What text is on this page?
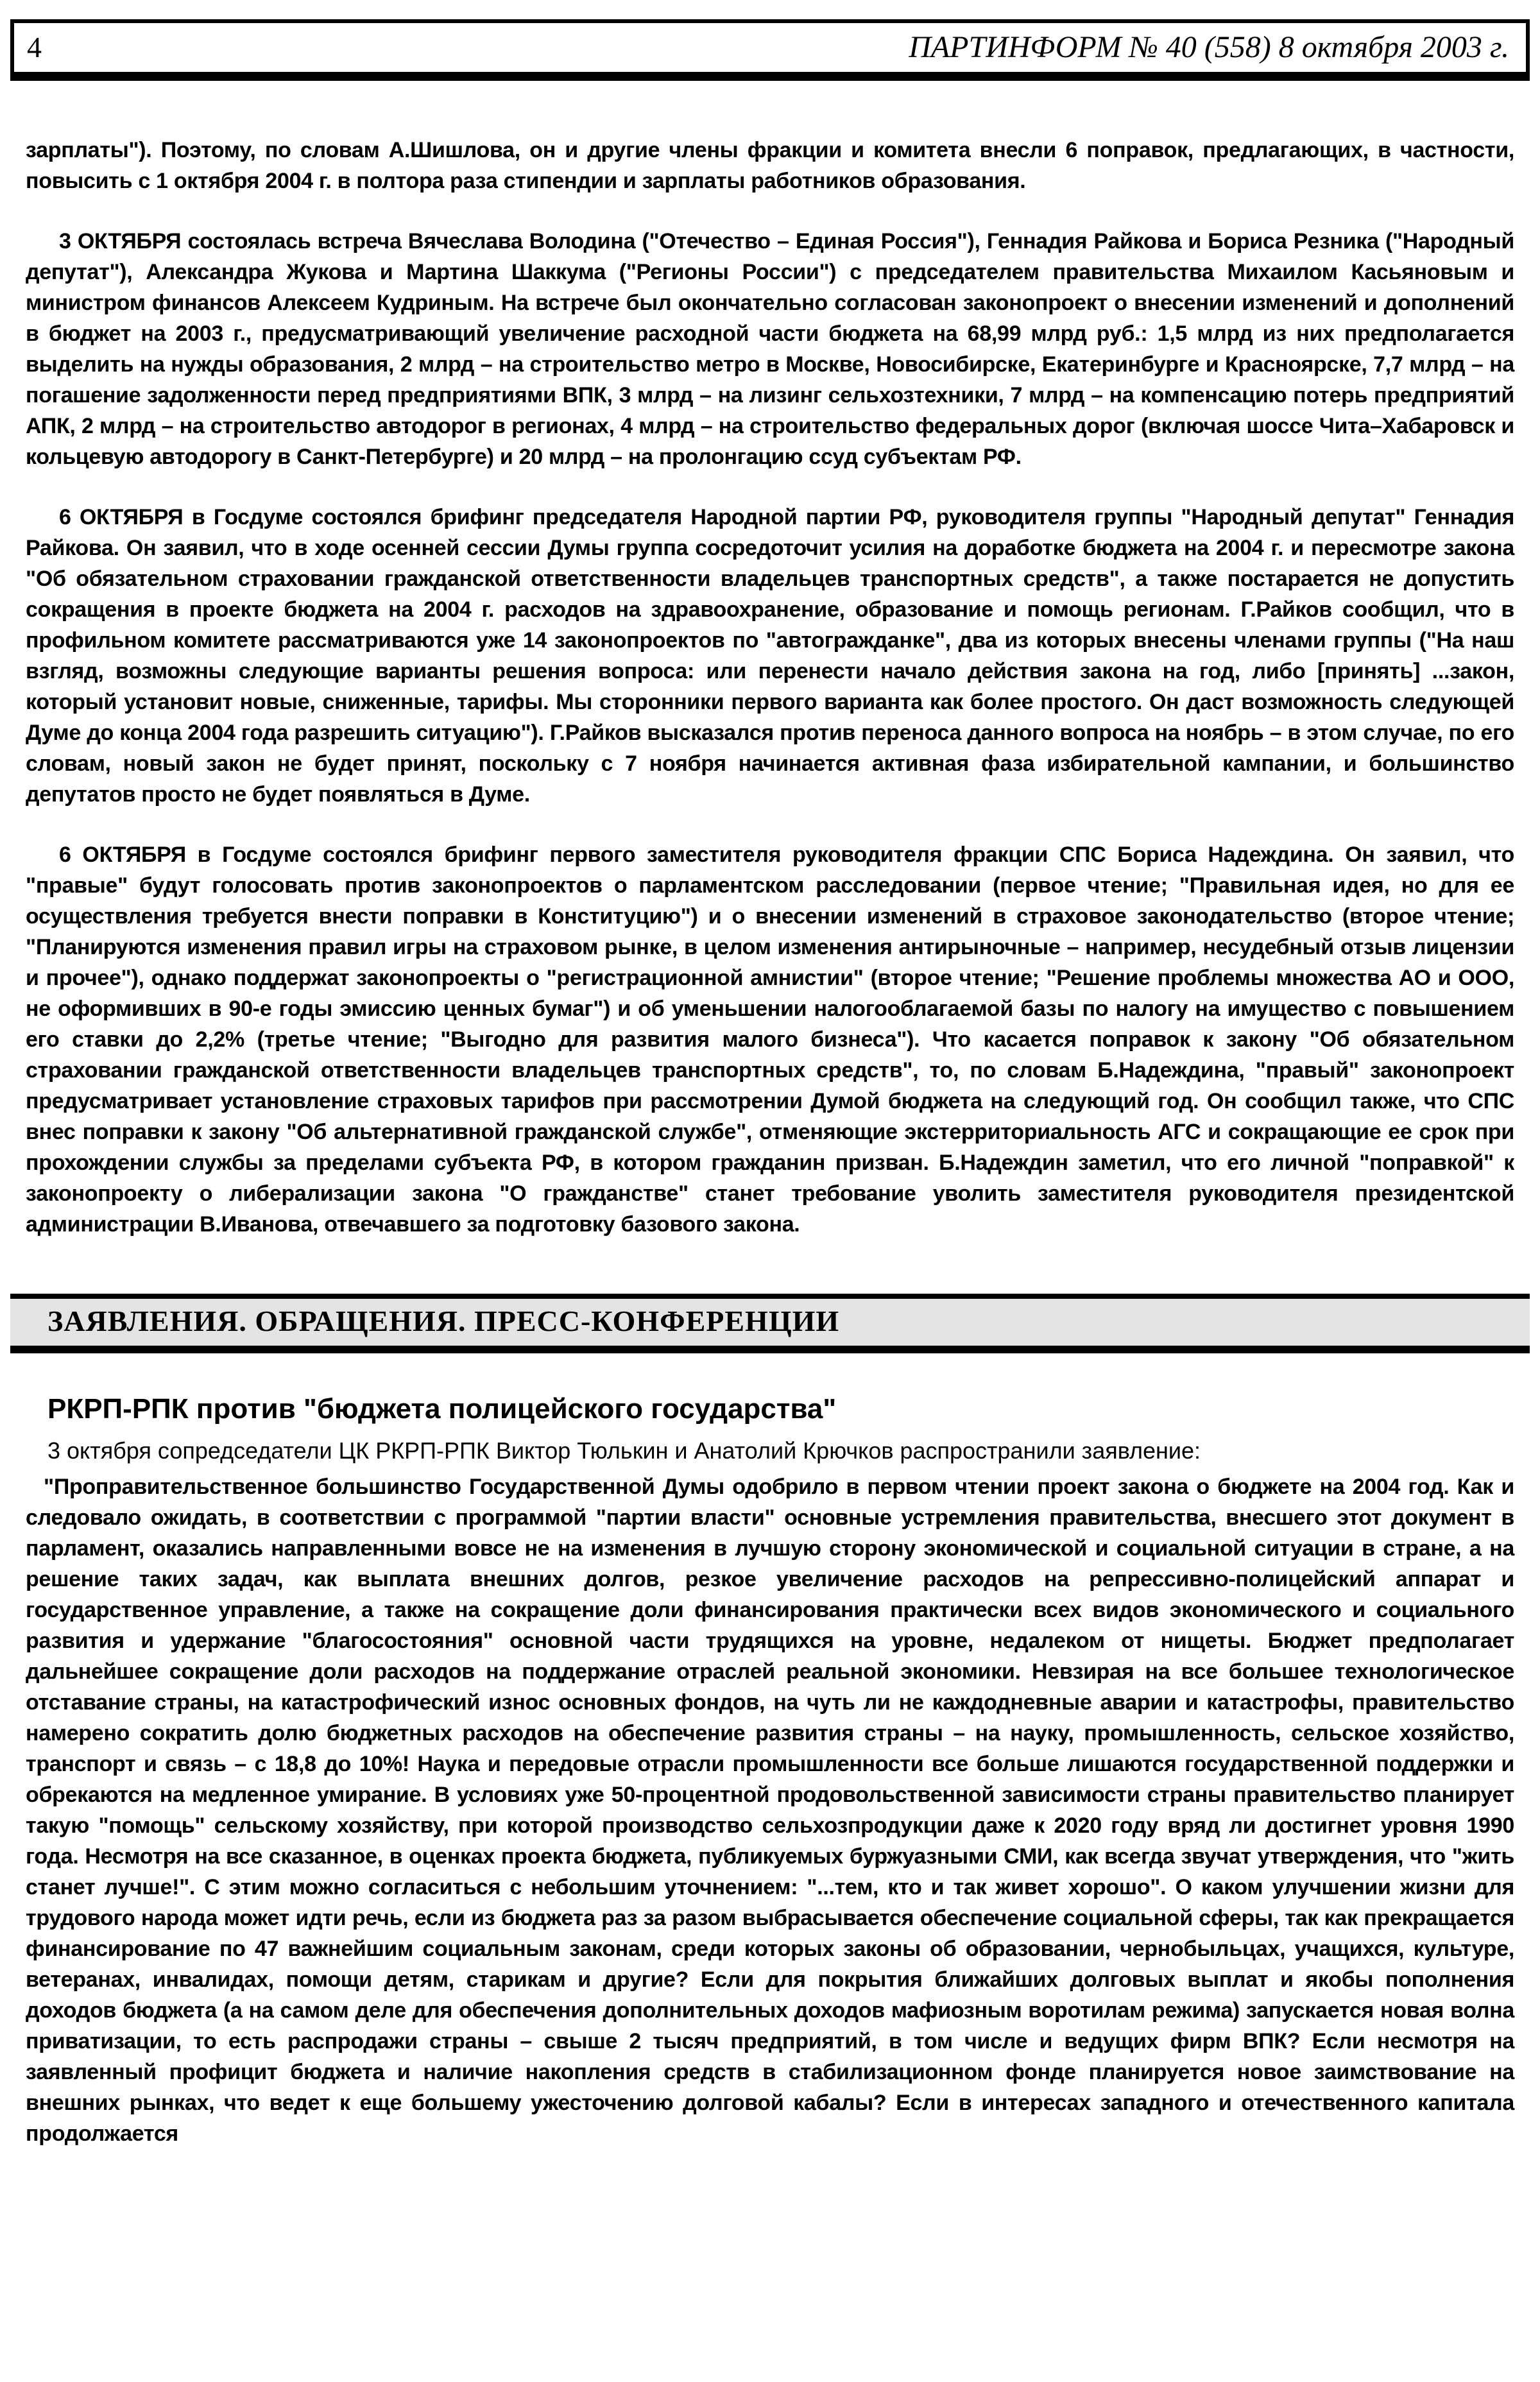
4	ПАРТИНФОРМ № 40 (558) 8 октября 2003 г.

зарплаты"). Поэтому, по словам А.Шишлова, он и другие члены фракции и комитета внесли 6 поправок, предлагающих, в частности, повысить с 1 октября 2004 г. в полтора раза стипендии и зарплаты работников образования.

3 ОКТЯБРЯ состоялась встреча Вячеслава Володина ("Отечество – Единая Россия"), Геннадия Райкова и Бориса Резника ("Народный депутат"), Александра Жукова и Мартина Шаккума ("Регионы России") с председателем правительства Михаилом Касьяновым и министром финансов Алексеем Кудриным. На встрече был окончательно согласован законопроект о внесении изменений и дополнений в бюджет на 2003 г., предусматривающий увеличение расходной части бюджета на 68,99 млрд руб.: 1,5 млрд из них предполагается выделить на нужды образования, 2 млрд – на строительство метро в Москве, Новосибирске, Екатеринбурге и Красноярске, 7,7 млрд – на погашение задолженности перед предприятиями ВПК, 3 млрд – на лизинг сельхозтехники, 7 млрд – на компенсацию потерь предприятий АПК, 2 млрд – на строительство автодорог в регионах, 4 млрд – на строительство федеральных дорог (включая шоссе Чита–Хабаровск и кольцевую автодорогу в Санкт-Петербурге) и 20 млрд – на пролонгацию ссуд субъектам РФ.

6 ОКТЯБРЯ в Госдуме состоялся брифинг председателя Народной партии РФ, руководителя группы "Народный депутат" Геннадия Райкова. Он заявил, что в ходе осенней сессии Думы группа сосредоточит усилия на доработке бюджета на 2004 г. и пересмотре закона "Об обязательном страховании гражданской ответственности владельцев транспортных средств", а также постарается не допустить сокращения в проекте бюджета на 2004 г. расходов на здравоохранение, образование и помощь регионам. Г.Райков сообщил, что в профильном комитете рассматриваются уже 14 законопроектов по "автогражданке", два из которых внесены членами группы ("На наш взгляд, возможны следующие варианты решения вопроса: или перенести начало действия закона на год, либо [принять] ...закон, который установит новые, сниженные, тарифы. Мы сторонники первого варианта как более простого. Он даст возможность следующей Думе до конца 2004 года разрешить ситуацию"). Г.Райков высказался против переноса данного вопроса на ноябрь – в этом случае, по его словам, новый закон не будет принят, поскольку с 7 ноября начинается активная фаза избирательной кампании, и большинство депутатов просто не будет появляться в Думе.

6 ОКТЯБРЯ в Госдуме состоялся брифинг первого заместителя руководителя фракции СПС Бориса Надеждина. Он заявил, что "правые" будут голосовать против законопроектов о парламентском расследовании (первое чтение; "Правильная идея, но для ее осуществления требуется внести поправки в Конституцию") и о внесении изменений в страховое законодательство (второе чтение; "Планируются изменения правил игры на страховом рынке, в целом изменения антирыночные – например, несудебный отзыв лицензии и прочее"), однако поддержат законопроекты о "регистрационной амнистии" (второе чтение; "Решение проблемы множества АО и ООО, не оформивших в 90-е годы эмиссию ценных бумаг") и об уменьшении налогооблагаемой базы по налогу на имущество с повышением его ставки до 2,2% (третье чтение; "Выгодно для развития малого бизнеса"). Что касается поправок к закону "Об обязательном страховании гражданской ответственности владельцев транспортных средств", то, по словам Б.Надеждина, "правый" законопроект предусматривает установление страховых тарифов при рассмотрении Думой бюджета на следующий год. Он сообщил также, что СПС внес поправки к закону "Об альтернативной гражданской службе", отменяющие экстерриториальность АГС и сокращающие ее срок при прохождении службы за пределами субъекта РФ, в котором гражданин призван. Б.Надеждин заметил, что его личной "поправкой" к законопроекту о либерализации закона "О гражданстве" станет требование уволить заместителя руководителя президентской администрации В.Иванова, отвечавшего за подготовку базового закона.

ЗАЯВЛЕНИЯ. ОБРАЩЕНИЯ. ПРЕСС-КОНФЕРЕНЦИИ
РКРП-РПК против "бюджета полицейского государства"

3 октября сопредседатели ЦК РКРП-РПК Виктор Тюлькин и Анатолий Крючков распространили заявление:

"Проправительственное большинство Государственной Думы одобрило в первом чтении проект закона о бюджете на 2004 год. Как и следовало ожидать, в соответствии с программой "партии власти" основные устремления правительства, внесшего этот документ в парламент, оказались направленными вовсе не на изменения в лучшую сторону экономической и социальной ситуации в стране, а на решение таких задач, как выплата внешних долгов, резкое увеличение расходов на репрессивно-полицейский аппарат и государственное управление, а также на сокращение доли финансирования практически всех видов экономического и социального развития и удержание "благосостояния" основной части трудящихся на уровне, недалеком от нищеты. Бюджет предполагает дальнейшее сокращение доли расходов на поддержание отраслей реальной экономики. Невзирая на все большее технологическое отставание страны, на катастрофический износ основных фондов, на чуть ли не каждодневные аварии и катастрофы, правительство намерено сократить долю бюджетных расходов на обеспечение развития страны – на науку, промышленность, сельское хозяйство, транспорт и связь – с 18,8 до 10%! Наука и передовые отрасли промышленности все больше лишаются государственной поддержки и обрекаются на медленное умирание. В условиях уже 50-процентной продовольственной зависимости страны правительство планирует такую "помощь" сельскому хозяйству, при которой производство сельхозпродукции даже к 2020 году вряд ли достигнет уровня 1990 года. Несмотря на все сказанное, в оценках проекта бюджета, публикуемых буржуазными СМИ, как всегда звучат утверждения, что "жить станет лучше!". С этим можно согласиться с небольшим уточнением: "...тем, кто и так живет хорошо". О каком улучшении жизни для трудового народа может идти речь, если из бюджета раз за разом выбрасывается обеспечение социальной сферы, так как прекращается финансирование по 47 важнейшим социальным законам, среди которых законы об образовании, чернобыльцах, учащихся, культуре, ветеранах, инвалидах, помощи детям, старикам и другие? Если для покрытия ближайших долговых выплат и якобы пополнения доходов бюджета (а на самом деле для обеспечения дополнительных доходов мафиозным воротилам режима) запускается новая волна приватизации, то есть распродажи страны – свыше 2 тысяч предприятий, в том числе и ведущих фирм ВПК? Если несмотря на заявленный профицит бюджета и наличие накопления средств в стабилизационном фонде планируется новое заимствование на внешних рынках, что ведет к еще большему ужесточению долговой кабалы? Если в интересах западного и отечественного капитала продолжается
